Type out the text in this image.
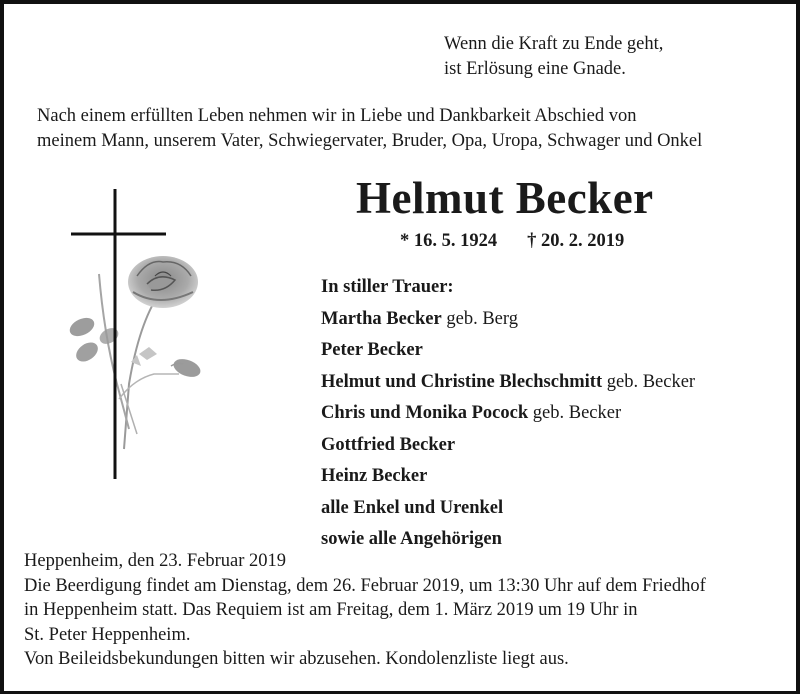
Wenn die Kraft zu Ende geht,
ist Erlösung eine Gnade.
Nach einem erfüllten Leben nehmen wir in Liebe und Dankbarkeit Abschied von
meinem Mann, unserem Vater, Schwiegervater, Bruder, Opa, Uropa, Schwager und Onkel
Helmut Becker
* 16. 5. 1924 † 20. 2. 2019
In stiller Trauer:
Martha Becker geb. Berg
Peter Becker
Helmut und Christine Blechschmitt geb. Becker
Chris und Monika Pocock geb. Becker
Gottfried Becker
Heinz Becker
alle Enkel und Urenkel
sowie alle Angehörigen
Heppenheim, den 23. Februar 2019
Die Beerdigung findet am Dienstag, dem 26. Februar 2019, um 13:30 Uhr auf dem Friedhof
in Heppenheim statt. Das Requiem ist am Freitag, dem 1. März 2019 um 19 Uhr in
St. Peter Heppenheim.
Von Beileidsbekundungen bitten wir abzusehen. Kondolenzliste liegt aus.
